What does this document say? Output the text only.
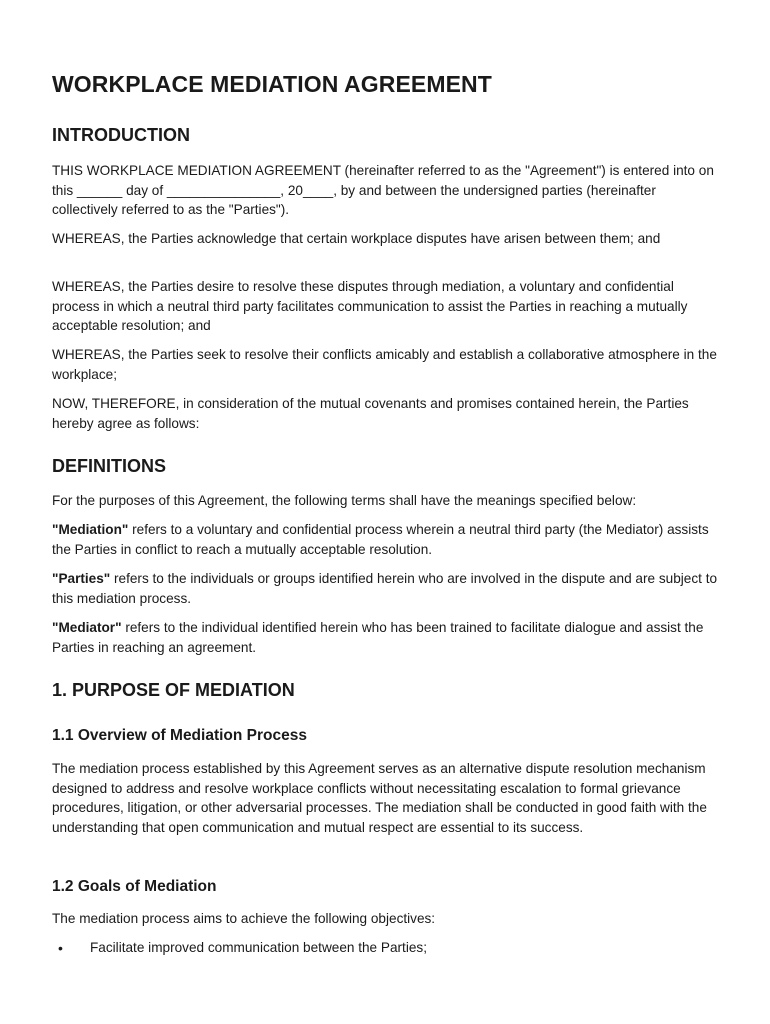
WORKPLACE MEDIATION AGREEMENT
INTRODUCTION

THIS WORKPLACE MEDIATION AGREEMENT (hereinafter referred to as the "Agreement") is entered into on this ______ day of _______________, 20____, by and between the undersigned parties (hereinafter collectively referred to as the "Parties").

WHEREAS, the Parties acknowledge that certain workplace disputes have arisen between them; and

WHEREAS, the Parties desire to resolve these disputes through mediation, a voluntary and confidential process in which a neutral third party facilitates communication to assist the Parties in reaching a mutually acceptable resolution; and

WHEREAS, the Parties seek to resolve their conflicts amicably and establish a collaborative atmosphere in the workplace;

NOW, THEREFORE, in consideration of the mutual covenants and promises contained herein, the Parties hereby agree as follows:

DEFINITIONS

For the purposes of this Agreement, the following terms shall have the meanings specified below:

"Mediation" refers to a voluntary and confidential process wherein a neutral third party (the Mediator) assists the Parties in conflict to reach a mutually acceptable resolution.

"Parties" refers to the individuals or groups identified herein who are involved in the dispute and are subject to this mediation process.

"Mediator" refers to the individual identified herein who has been trained to facilitate dialogue and assist the Parties in reaching an agreement.

1. PURPOSE OF MEDIATION
1.1 Overview of Mediation Process

The mediation process established by this Agreement serves as an alternative dispute resolution mechanism designed to address and resolve workplace conflicts without necessitating escalation to formal grievance procedures, litigation, or other adversarial processes. The mediation shall be conducted in good faith with the understanding that open communication and mutual respect are essential to its success.

1.2 Goals of Mediation

The mediation process aims to achieve the following objectives:

• Facilitate improved communication between the Parties;
